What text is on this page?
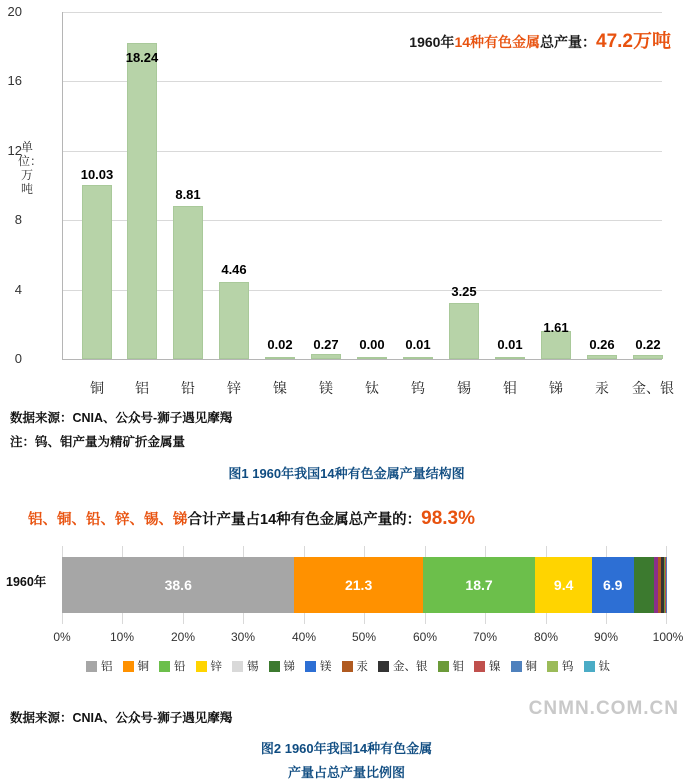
单位：万吨
20
16
12
8
4
0
10.03
18.24
8.81
4.46
0.02	0.27	0.00	0.01
3.25
0.01
1.61
0.26	0.22
铜	铝	铅	锌	镍	镁	钛	钨	锡	钼	锑	汞	金、银
1960年14种有色金属总产量：47.2万吨
数据来源：CNIA、公众号-狮子遇见摩羯
注：钨、钼产量为精矿折金属量
图1 1960年我国14种有色金属产量结构图
铝、铜、铅、锌、锡、锑合计产量占14种有色金属总产量的：98.3%
38.6	21.3	18.7	9.4	6.9
0%	10%	20%	30%	40%	50%	60%	70%	80%	90%	100%
1960年
铝 铜 铅 锌 锡 锑 镁 汞 金、银 钼 镍 铜 钨 钛
数据来源：CNIA、公众号-狮子遇见摩羯	CNMN.COM.CN
图2 1960年我国14种有色金属
产量占总产量比例图
